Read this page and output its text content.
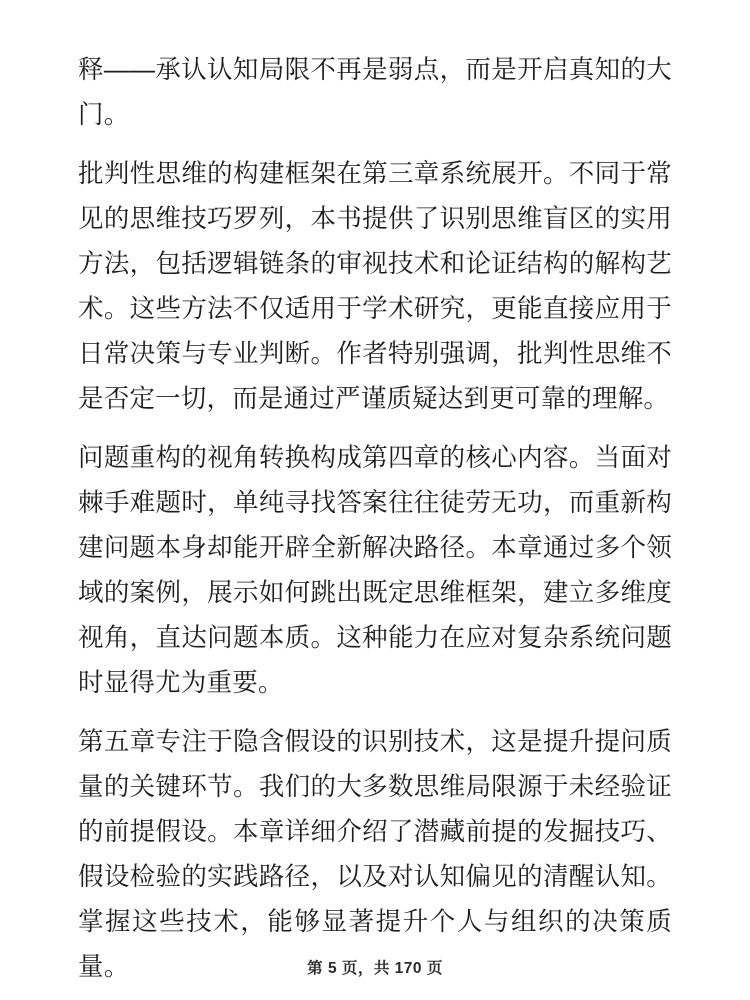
释——承认认知局限不再是弱点，而是开启真知的大门。

批判性思维的构建框架在第三章系统展开。不同于常见的思维技巧罗列，本书提供了识别思维盲区的实用方法，包括逻辑链条的审视技术和论证结构的解构艺术。这些方法不仅适用于学术研究，更能直接应用于日常决策与专业判断。作者特别强调，批判性思维不是否定一切，而是通过严谨质疑达到更可靠的理解。

问题重构的视角转换构成第四章的核心内容。当面对棘手难题时，单纯寻找答案往往徒劳无功，而重新构建问题本身却能开辟全新解决路径。本章通过多个领域的案例，展示如何跳出既定思维框架，建立多维度视角，直达问题本质。这种能力在应对复杂系统问题时显得尤为重要。

第五章专注于隐含假设的识别技术，这是提升提问质量的关键环节。我们的大多数思维局限源于未经验证的前提假设。本章详细介绍了潜藏前提的发掘技巧、假设检验的实践路径，以及对认知偏见的清醒认知。掌握这些技术，能够显著提升个人与组织的决策质量。	第 5 页，共 170 页
